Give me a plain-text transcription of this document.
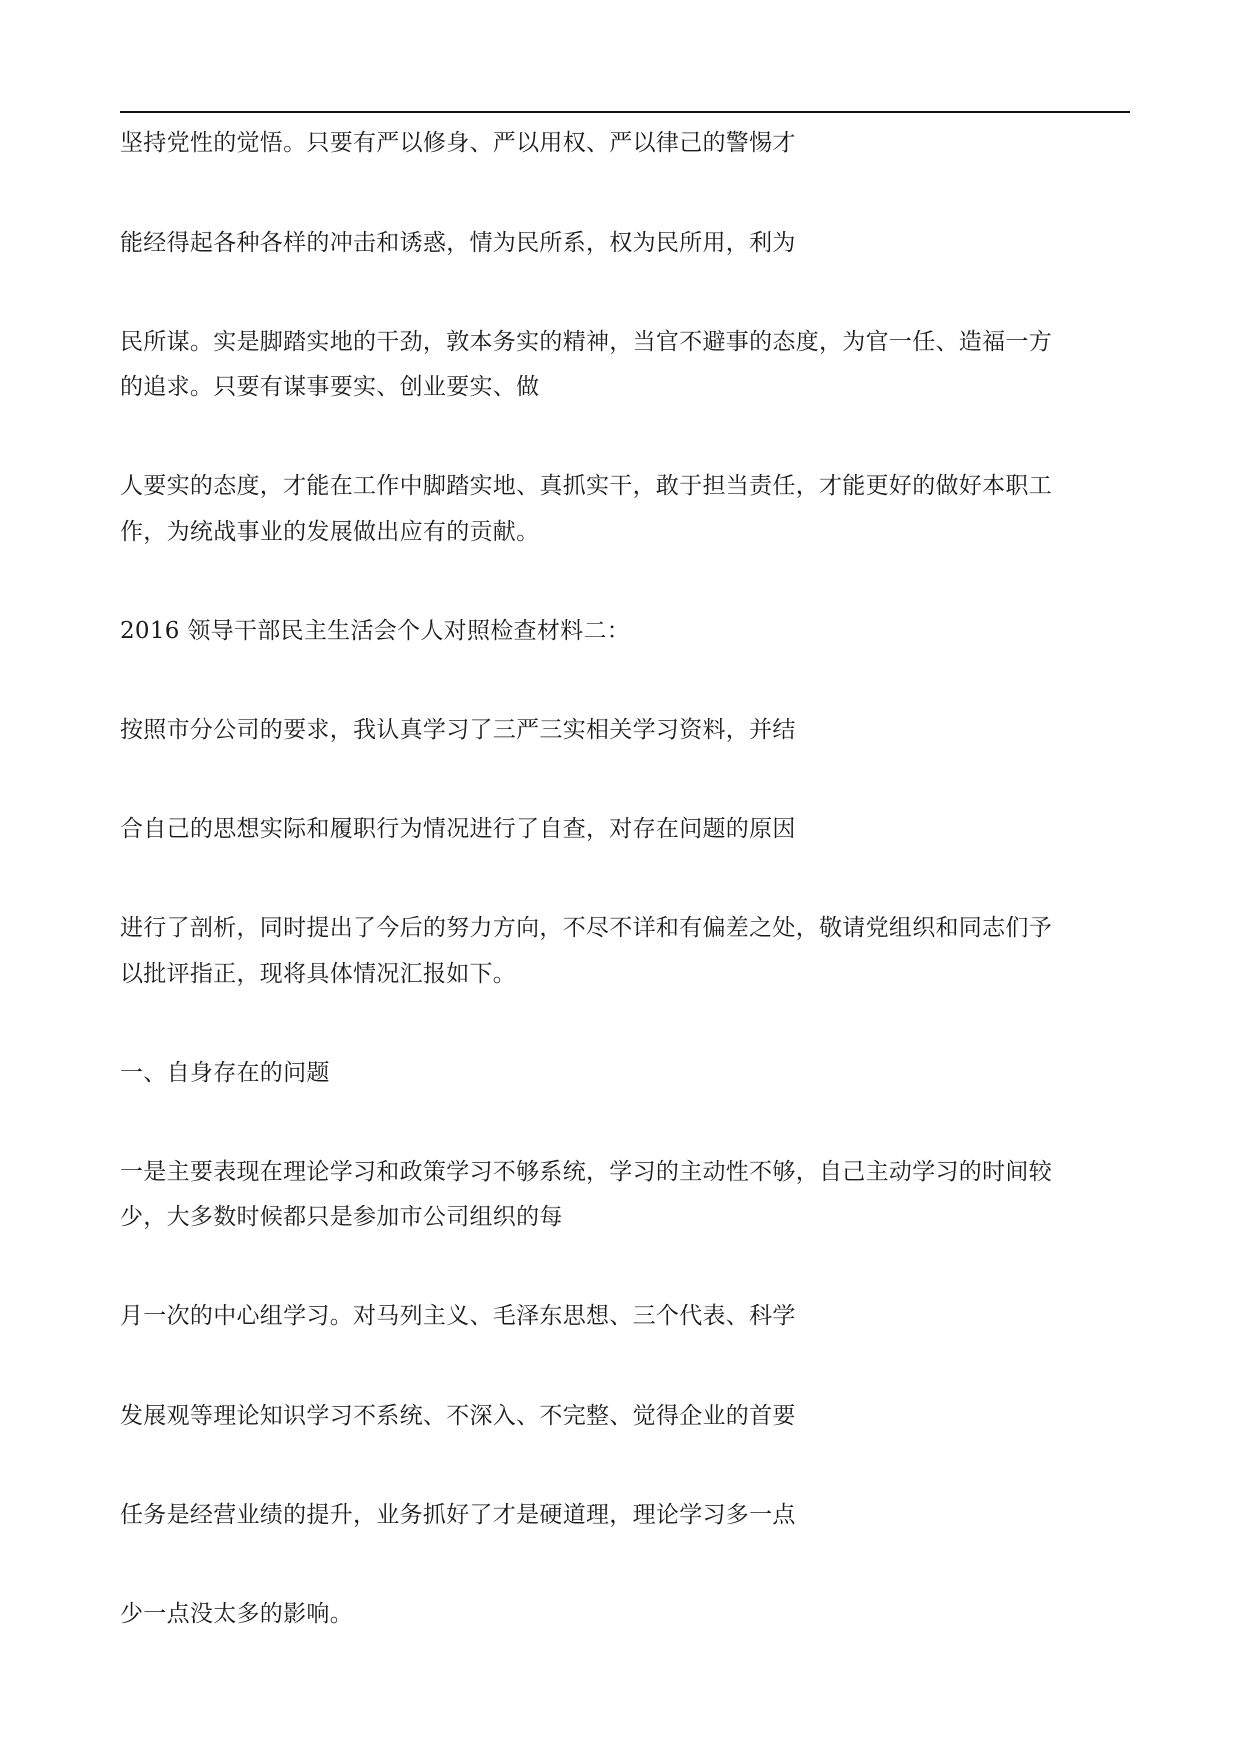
坚持党性的觉悟。只要有严以修身、严以用权、严以律己的警惕才

能经得起各种各样的冲击和诱惑，情为民所系，权为民所用，利为

民所谋。实是脚踏实地的干劲，敦本务实的精神，当官不避事的态度，为官一任、造福一方

的追求。只要有谋事要实、创业要实、做

人要实的态度，才能在工作中脚踏实地、真抓实干，敢于担当责任，才能更好的做好本职工

作，为统战事业的发展做出应有的贡献。

2016 领导干部民主生活会个人对照检查材料二：

按照市分公司的要求，我认真学习了三严三实相关学习资料，并结

合自己的思想实际和履职行为情况进行了自查，对存在问题的原因

进行了剖析，同时提出了今后的努力方向，不尽不详和有偏差之处，敬请党组织和同志们予

以批评指正，现将具体情况汇报如下。

一、自身存在的问题

一是主要表现在理论学习和政策学习不够系统，学习的主动性不够，自己主动学习的时间较

少，大多数时候都只是参加市公司组织的每

月一次的中心组学习。对马列主义、毛泽东思想、三个代表、科学

发展观等理论知识学习不系统、不深入、不完整、觉得企业的首要

任务是经营业绩的提升，业务抓好了才是硬道理，理论学习多一点

少一点没太多的影响。
